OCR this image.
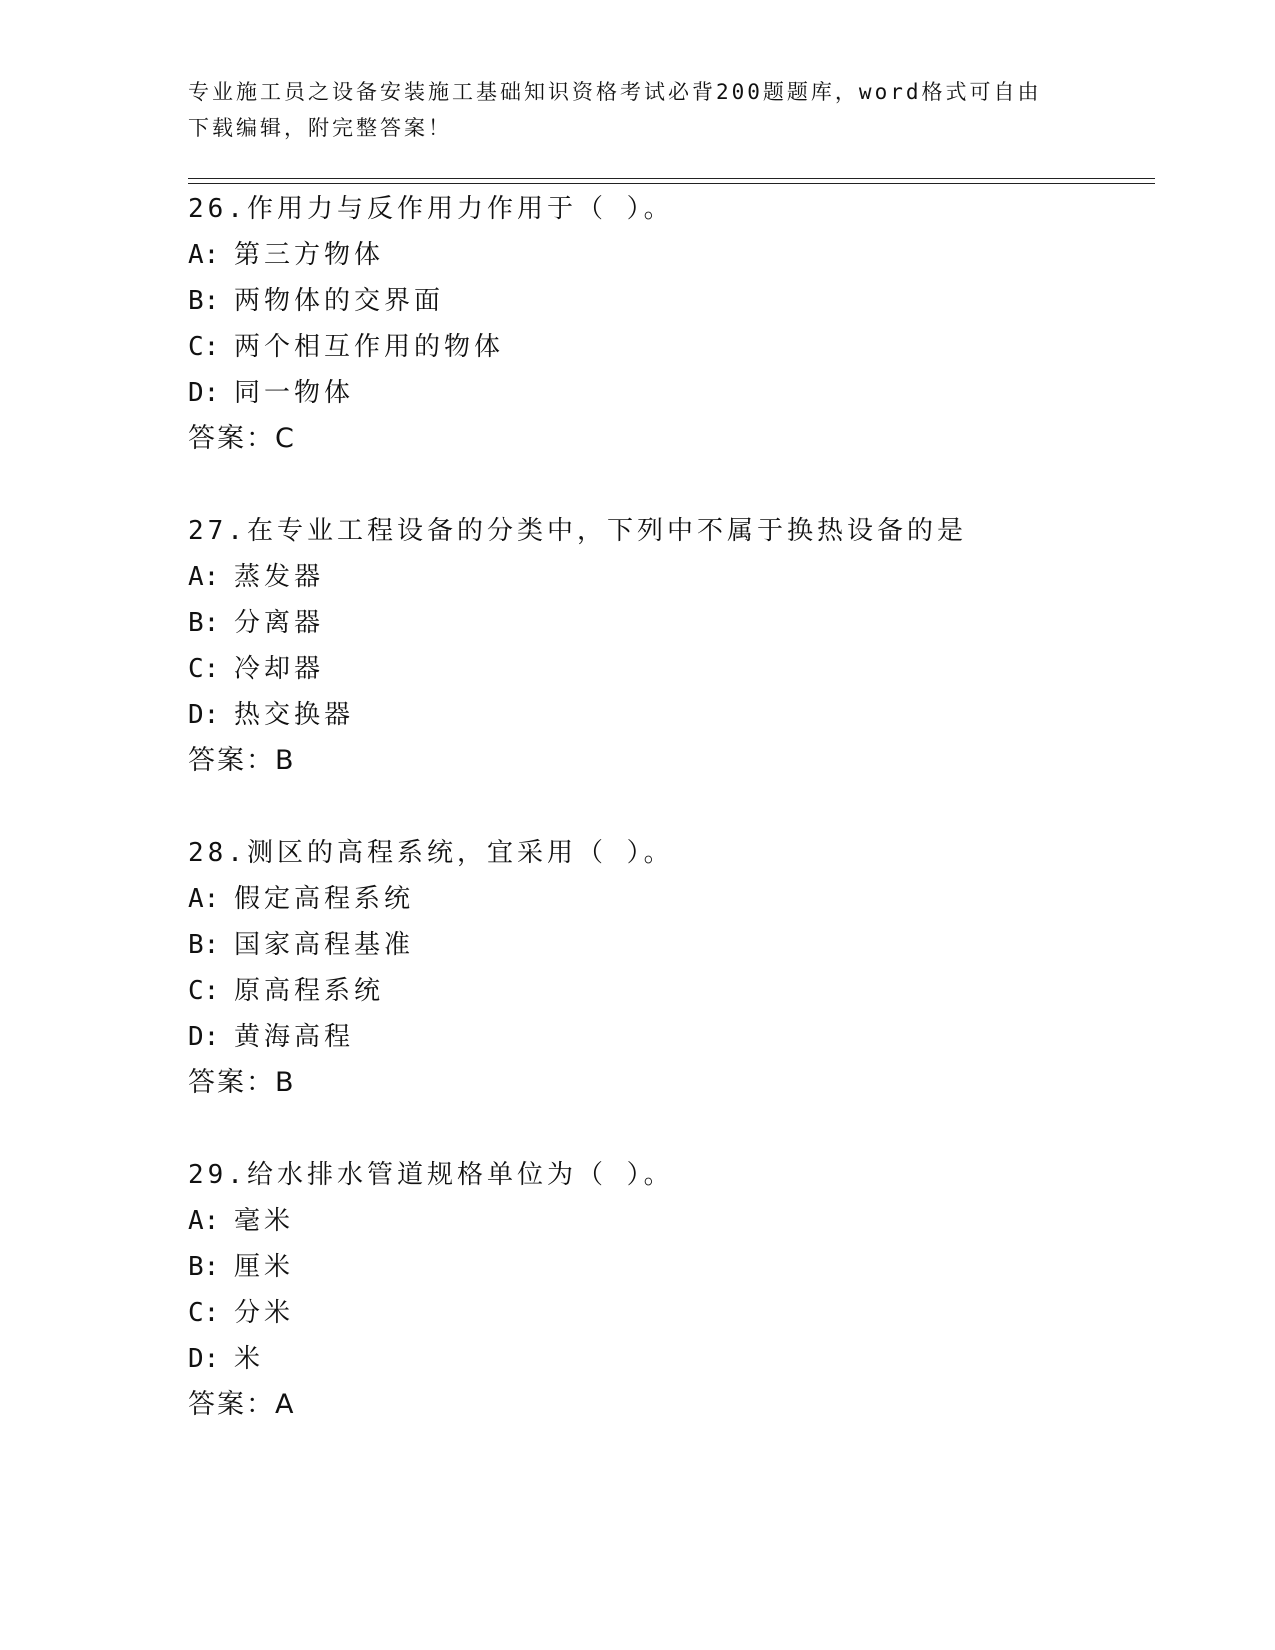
专业施工员之设备安装施工基础知识资格考试必背200题题库，word格式可自由
下载编辑，附完整答案！
26.作用力与反作用力作用于（ ）。
A: 第三方物体
B: 两物体的交界面
C: 两个相互作用的物体
D: 同一物体
答案：C
27.在专业工程设备的分类中，下列中不属于换热设备的是
A: 蒸发器
B: 分离器
C: 冷却器
D: 热交换器
答案：B
28.测区的高程系统，宜采用（ ）。
A: 假定高程系统
B: 国家高程基准
C: 原高程系统
D: 黄海高程
答案：B
29.给水排水管道规格单位为（ ）。
A: 毫米
B: 厘米
C: 分米
D: 米
答案：A
